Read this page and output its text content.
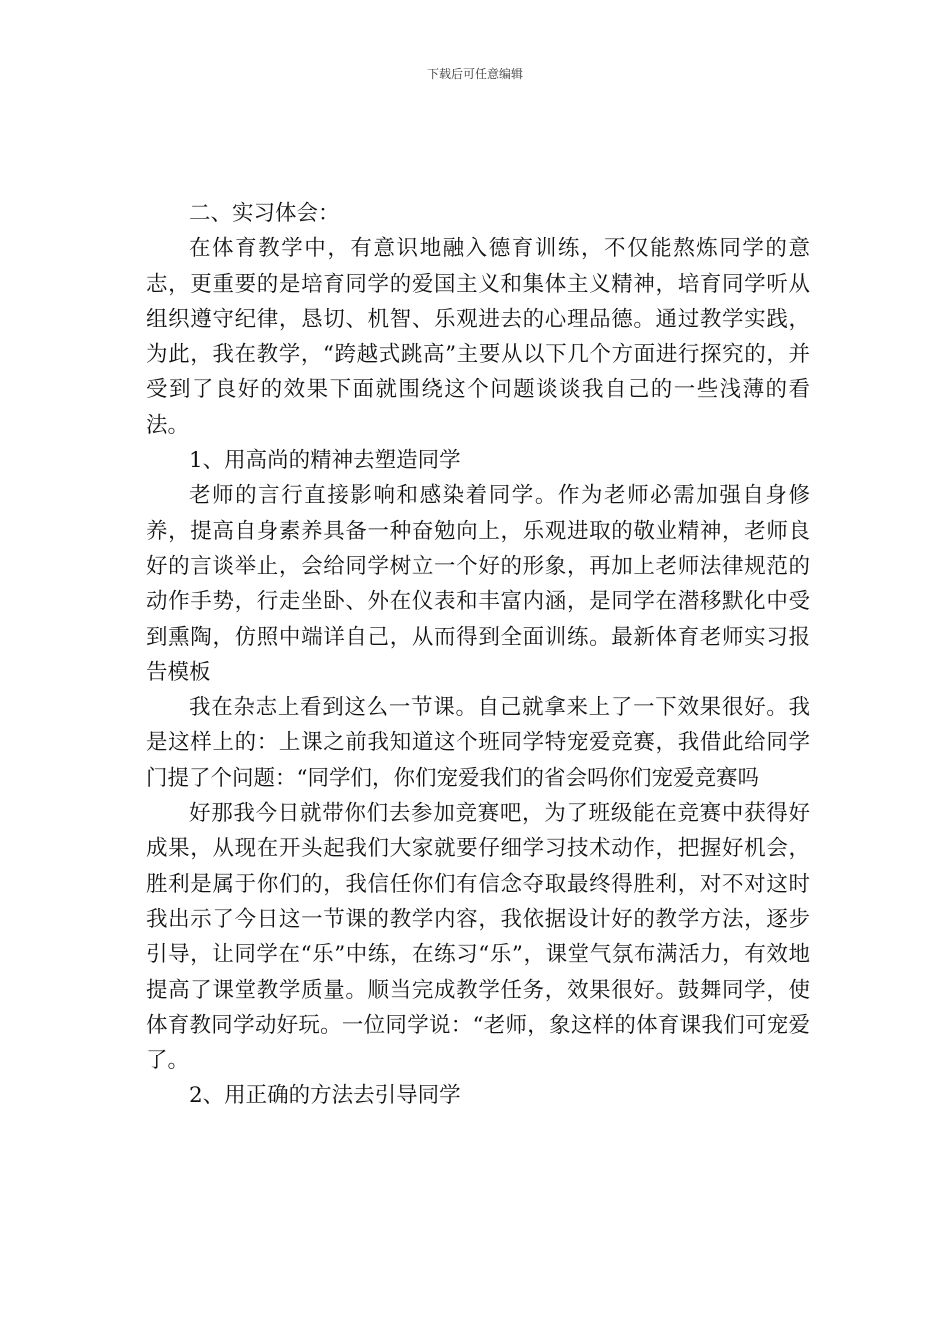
下载后可任意编辑

二、实习体会：

在体育教学中，有意识地融入德育训练，不仅能熬炼同学的意志，更重要的是培育同学的爱国主义和集体主义精神，培育同学听从组织遵守纪律，恳切、机智、乐观进去的心理品德。通过教学实践，为此，我在教学，“跨越式跳高”主要从以下几个方面进行探究的，并受到了良好的效果下面就围绕这个问题谈谈我自己的一些浅薄的看法。

1、用高尚的精神去塑造同学

老师的言行直接影响和感染着同学。作为老师必需加强自身修养，提高自身素养具备一种奋勉向上，乐观进取的敬业精神，老师良好的言谈举止，会给同学树立一个好的形象，再加上老师法律规范的动作手势，行走坐卧、外在仪表和丰富内涵，是同学在潜移默化中受到熏陶，仿照中端详自己，从而得到全面训练。最新体育老师实习报告模板

我在杂志上看到这么一节课。自己就拿来上了一下效果很好。我是这样上的：上课之前我知道这个班同学特宠爱竞赛，我借此给同学门提了个问题：“同学们，你们宠爱我们的省会吗你们宠爱竞赛吗

好那我今日就带你们去参加竞赛吧，为了班级能在竞赛中获得好成果，从现在开头起我们大家就要仔细学习技术动作，把握好机会，胜利是属于你们的，我信任你们有信念夺取最终得胜利，对不对这时我出示了今日这一节课的教学内容，我依据设计好的教学方法，逐步引导，让同学在“乐”中练，在练习“乐”，课堂气氛布满活力，有效地提高了课堂教学质量。顺当完成教学任务，效果很好。鼓舞同学，使体育教同学动好玩。一位同学说：“老师，象这样的体育课我们可宠爱了。

2、用正确的方法去引导同学
